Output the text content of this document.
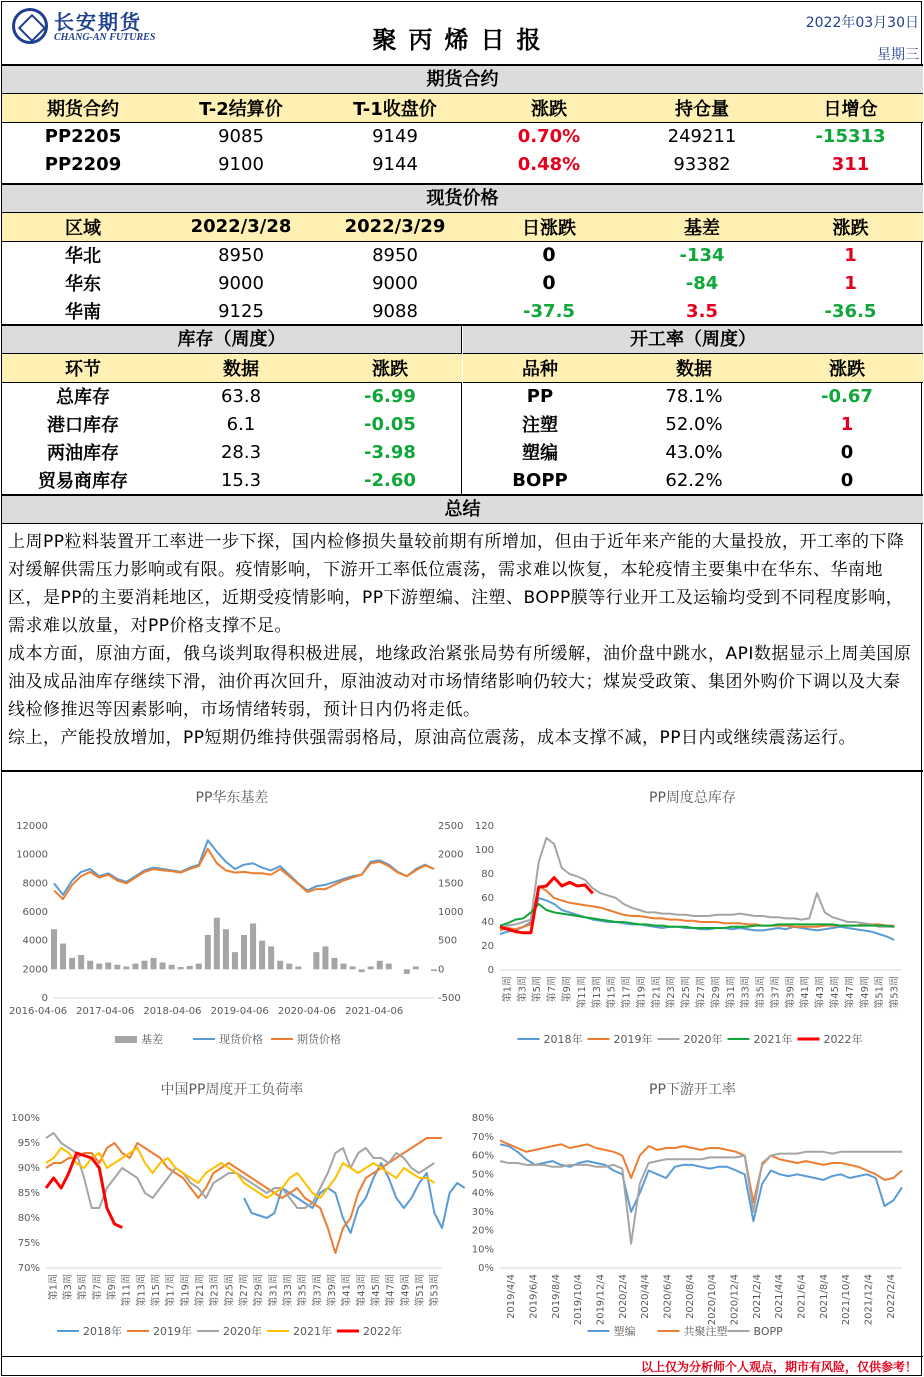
长安期货
CHANG-AN FUTURES	聚丙烯日报
2022年03月30日
星期三
期货合约
期货合约	T-2结算价	T-1收盘价	涨跌	持仓量	日增仓
PP2205	9085	9149	0.70%	249211	-15313
PP2209	9100	9144	0.48%	93382	311
现货价格
区域	2022/3/28	2022/3/29	日涨跌	基差	涨跌
华北	8950	8950	0	-134	1
华东	9000	9000	0	-84	1
华南	9125	9088	-37.5	3.5	-36.5
库存（周度）
环节	数据	涨跌
总库存	63.8	-6.99
港口库存	6.1	-0.05
两油库存	28.3	-3.98
贸易商库存	15.3	-2.60
开工率（周度）
品种	数据	涨跌
PP	78.1%	-0.67
注塑	52.0%	1
塑编	43.0%	0
BOPP	62.2%	0
总结

上周PP粒料装置开工率进一步下探，国内检修损失量较前期有所增加，但由于近年来产能的大量投放，开工率的下降对缓解供需压力影响或有限。疫情影响，下游开工率低位震荡，需求难以恢复，本轮疫情主要集中在华东、华南地区，是PP的主要消耗地区，近期受疫情影响，PP下游塑编、注塑、BOPP膜等行业开工及运输均受到不同程度影响，需求难以放量，对PP价格支撑不足。

成本方面，原油方面，俄乌谈判取得积极进展，地缘政治紧张局势有所缓解，油价盘中跳水，API数据显示上周美国原油及成品油库存继续下滑，油价再次回升，原油波动对市场情绪影响仍较大；煤炭受政策、集团外购价下调以及大秦线检修推迟等因素影响，市场情绪转弱，预计日内仍将走低。

综上，产能投放增加，PP短期仍维持供强需弱格局，原油高位震荡，成本支撑不减，PP日内或继续震荡运行。

PP华东基差
0
2000
4000
6000
8000
10000
12000
-500
0
500
1000
1500
2000
2500
2016-04-06 2017-04-06 2018-04-06 2019-04-06 2020-04-06 2021-04-06
基差	现货价格	期货价格
PP周度总库存
0
20
40
60
80
100
120
第1周 第3周 第5周 第7周 第9周 第11周 第13周 第15周 第17周 第19周 第21周 第23周 第25周 第27周 第29周 第31周 第33周 第35周 第37周 第39周 第41周 第43周 第45周 第47周 第49周 第51周 第53周
2018年	2019年	2020年	2021年	2022年
中国PP周度开工负荷率
70%
75%
80%
85%
90%
95%
100%
第1周 第3周 第5周 第7周 第9周 第11周 第13周 第15周 第17周 第19周 第21周 第23周 第25周 第27周 第29周 第31周 第33周 第35周 第37周 第39周 第41周 第43周 第45周 第47周 第49周 第51周 第53周
2018年	2019年	2020年	2021年	2022年
PP下游开工率
0%
10%
20%
30%
40%
50%
60%
70%
80%
2019/4/4 2019/6/4 2019/8/4 2019/10/4 2019/12/4 2020/2/4 2020/4/4 2020/6/4 2020/8/4 2020/10/4 2020/12/4 2021/2/4 2021/4/4 2021/6/4 2021/8/4 2021/10/4 2021/12/4 2022/2/4
塑编	共聚注塑 BOPP
以上仅为分析师个人观点，期市有风险，仅供参考！
